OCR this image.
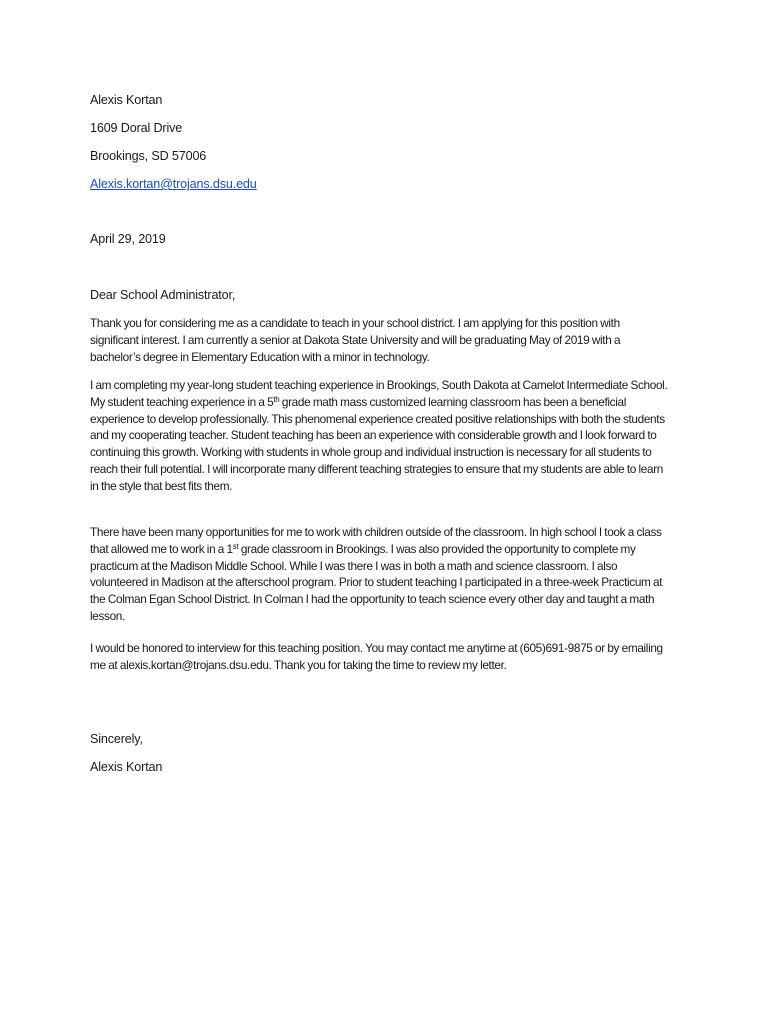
Alexis Kortan
1609 Doral Drive
Brookings, SD 57006
Alexis.kortan@trojans.dsu.edu
April 29, 2019
Dear School Administrator,

Thank you for considering me as a candidate to teach in your school district. I am applying for this position with significant interest. I am currently a senior at Dakota State University and will be graduating May of 2019 with a bachelor’s degree in Elementary Education with a minor in technology.

I am completing my year-long student teaching experience in Brookings, South Dakota at Camelot Intermediate School. My student teaching experience in a 5th grade math mass customized learning classroom has been a beneficial experience to develop professionally. This phenomenal experience created positive relationships with both the students and my cooperating teacher. Student teaching has been an experience with considerable growth and I look forward to continuing this growth. Working with students in whole group and individual instruction is necessary for all students to reach their full potential. I will incorporate many different teaching strategies to ensure that my students are able to learn in the style that best fits them.

There have been many opportunities for me to work with children outside of the classroom. In high school I took a class that allowed me to work in a 1st grade classroom in Brookings. I was also provided the opportunity to complete my practicum at the Madison Middle School. While I was there I was in both a math and science classroom. I also volunteered in Madison at the afterschool program. Prior to student teaching I participated in a three-week Practicum at the Colman Egan School District. In Colman I had the opportunity to teach science every other day and taught a math lesson.

I would be honored to interview for this teaching position. You may contact me anytime at (605)691-9875 or by emailing me at alexis.kortan@trojans.dsu.edu. Thank you for taking the time to review my letter.

Sincerely,
Alexis Kortan
